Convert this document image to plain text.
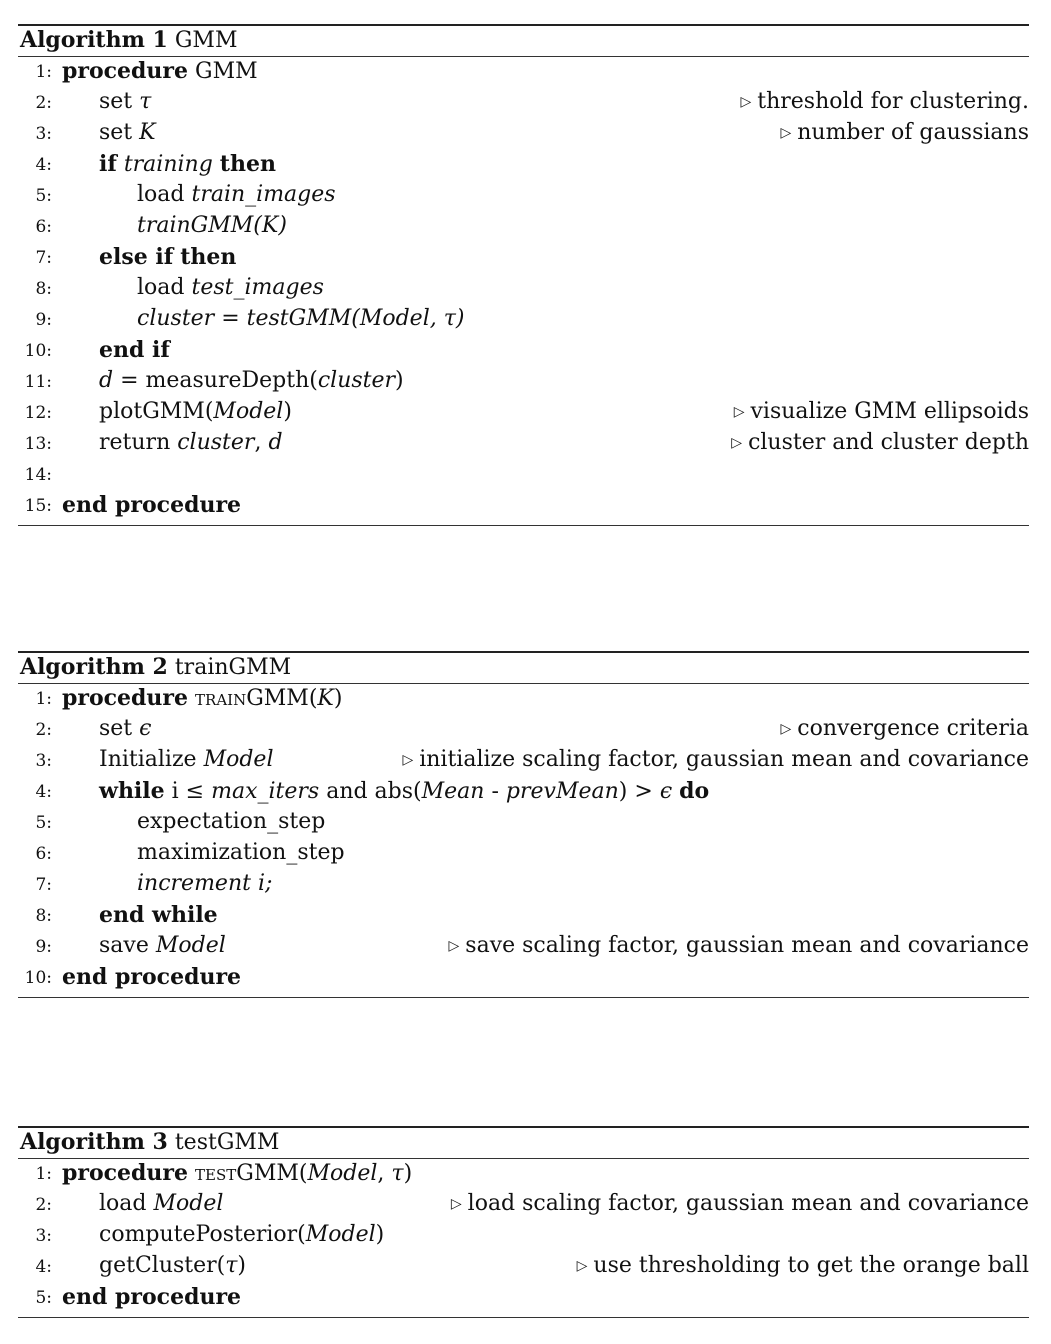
Algorithm 1 GMM
1: procedure GMM
2: set τ	▷ threshold for clustering.
3: set K	▷ number of gaussians
4: if training then
5:	load train_images
6:	trainGMM(K)
7: else if then
8:	load test_images
9:	cluster = testGMM(Model, τ)
10: end if
11: d = measureDepth(cluster)
12: plotGMM(Model)	▷ visualize GMM ellipsoids
13: return cluster, d	▷ cluster and cluster depth
14:
15: end procedure
Algorithm 2 trainGMM
1: procedure trainGMM(K)
2: set ϵ	▷ convergence criteria
3: Initialize Model	▷ initialize scaling factor, gaussian mean and covariance
4: while i ≤ max_iters and abs(Mean - prevMean) > ϵ do
5:	expectation_step
6:	maximization_step
7:	increment i;
8: end while
9: save Model	▷ save scaling factor, gaussian mean and covariance
10: end procedure
Algorithm 3 testGMM
1: procedure testGMM(Model, τ)
2: load Model	▷ load scaling factor, gaussian mean and covariance
3: computePosterior(Model)
4: getCluster(τ)	▷ use thresholding to get the orange ball
5: end procedure
